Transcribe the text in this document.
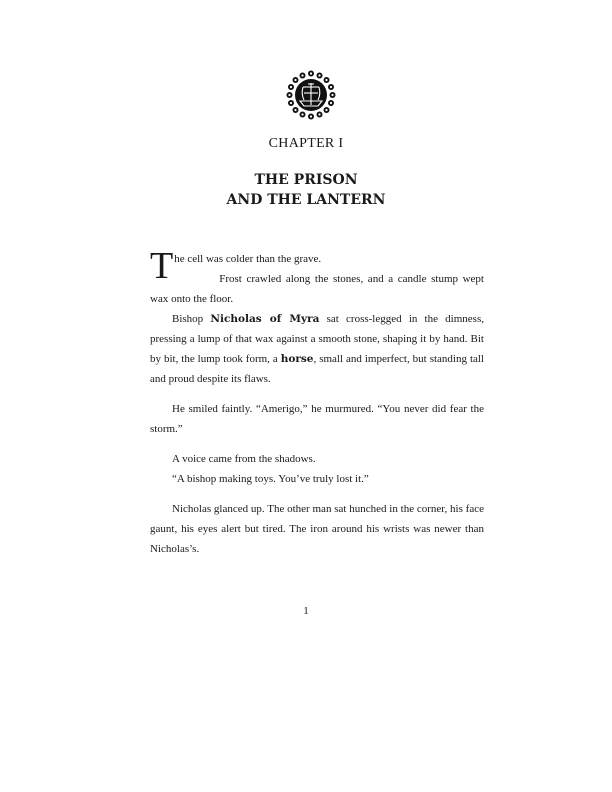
CHAPTER I
THE PRISON
AND THE LANTERN

The cell was colder than the grave.

Frost crawled along the stones, and a candle stump wept wax onto the floor.

Bishop Nicholas of Myra sat cross-legged in the dimness, pressing a lump of that wax against a smooth stone, shaping it by hand. Bit by bit, the lump took form, a horse, small and imperfect, but standing tall and proud despite its flaws.

He smiled faintly. “Amerigo,” he murmured. “You never did fear the storm.”

A voice came from the shadows.

“A bishop making toys. You’ve truly lost it.”

Nicholas glanced up. The other man sat hunched in the corner, his face gaunt, his eyes alert but tired. The iron around his wrists was newer than Nicholas’s.

1
